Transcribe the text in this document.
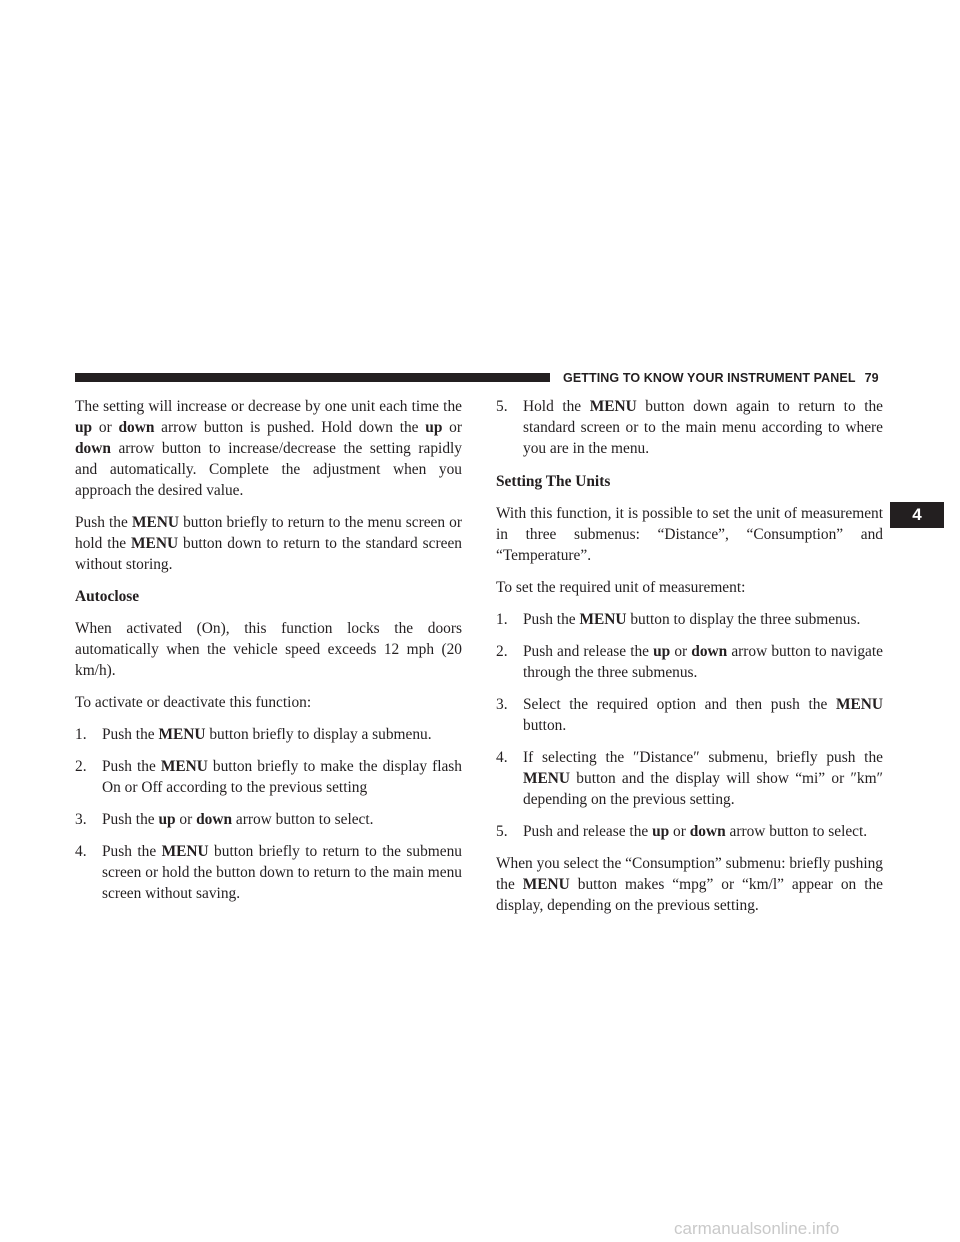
GETTING TO KNOW YOUR INSTRUMENT PANEL 79
4

The setting will increase or decrease by one unit each time the up or down arrow button is pushed. Hold down the up or down arrow button to increase/decrease the setting rapidly and automatically. Complete the adjustment when you approach the desired value.

Push the MENU button briefly to return to the menu screen or hold the MENU button down to return to the standard screen without storing.

Autoclose

When activated (On), this function locks the doors automatically when the vehicle speed exceeds 12 mph (20 km/h).

To activate or deactivate this function:

1. Push the MENU button briefly to display a submenu.
2. Push the MENU button briefly to make the display flash On or Off according to the previous setting
3. Push the up or down arrow button to select.
4. Push the MENU button briefly to return to the submenu screen or hold the button down to return to the main menu screen without saving.
5. Hold the MENU button down again to return to the standard screen or to the main menu according to where you are in the menu.

Setting The Units

With this function, it is possible to set the unit of measurement in three submenus: “Distance”, “Consumption” and “Temperature”.

To set the required unit of measurement:

1. Push the MENU button to display the three submenus.
2. Push and release the up or down arrow button to navigate through the three submenus.
3. Select the required option and then push the MENU button.
4. If selecting the ″Distance″ submenu, briefly push the MENU button and the display will show “mi” or ″km″ depending on the previous setting.
5. Push and release the up or down arrow button to select.

When you select the “Consumption” submenu: briefly pushing the MENU button makes “mpg” or “km/l” appear on the display, depending on the previous setting.

carmanualsonline.info
